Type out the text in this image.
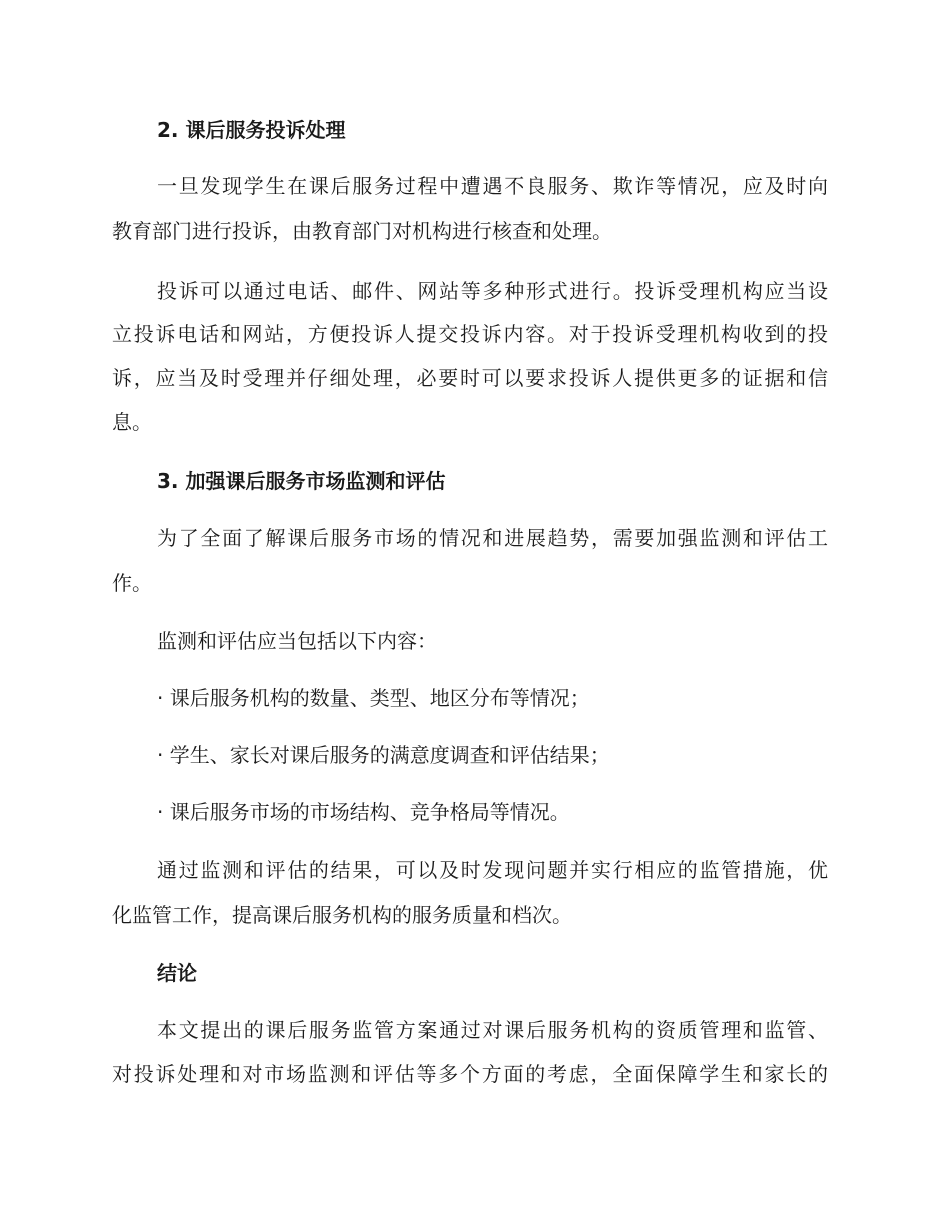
2. 课后服务投诉处理
一旦发现学生在课后服务过程中遭遇不良服务、欺诈等情况，应及时向
教育部门进行投诉，由教育部门对机构进行核查和处理。
投诉可以通过电话、邮件、网站等多种形式进行。投诉受理机构应当设
立投诉电话和网站，方便投诉人提交投诉内容。对于投诉受理机构收到的投
诉，应当及时受理并仔细处理，必要时可以要求投诉人提供更多的证据和信
息。
3. 加强课后服务市场监测和评估
为了全面了解课后服务市场的情况和进展趋势，需要加强监测和评估工
作。
监测和评估应当包括以下内容：
· 课后服务机构的数量、类型、地区分布等情况；
· 学生、家长对课后服务的满意度调查和评估结果；
· 课后服务市场的市场结构、竞争格局等情况。
通过监测和评估的结果，可以及时发现问题并实行相应的监管措施，优
化监管工作，提高课后服务机构的服务质量和档次。
结论
本文提出的课后服务监管方案通过对课后服务机构的资质管理和监管、
对投诉处理和对市场监测和评估等多个方面的考虑，全面保障学生和家长的
